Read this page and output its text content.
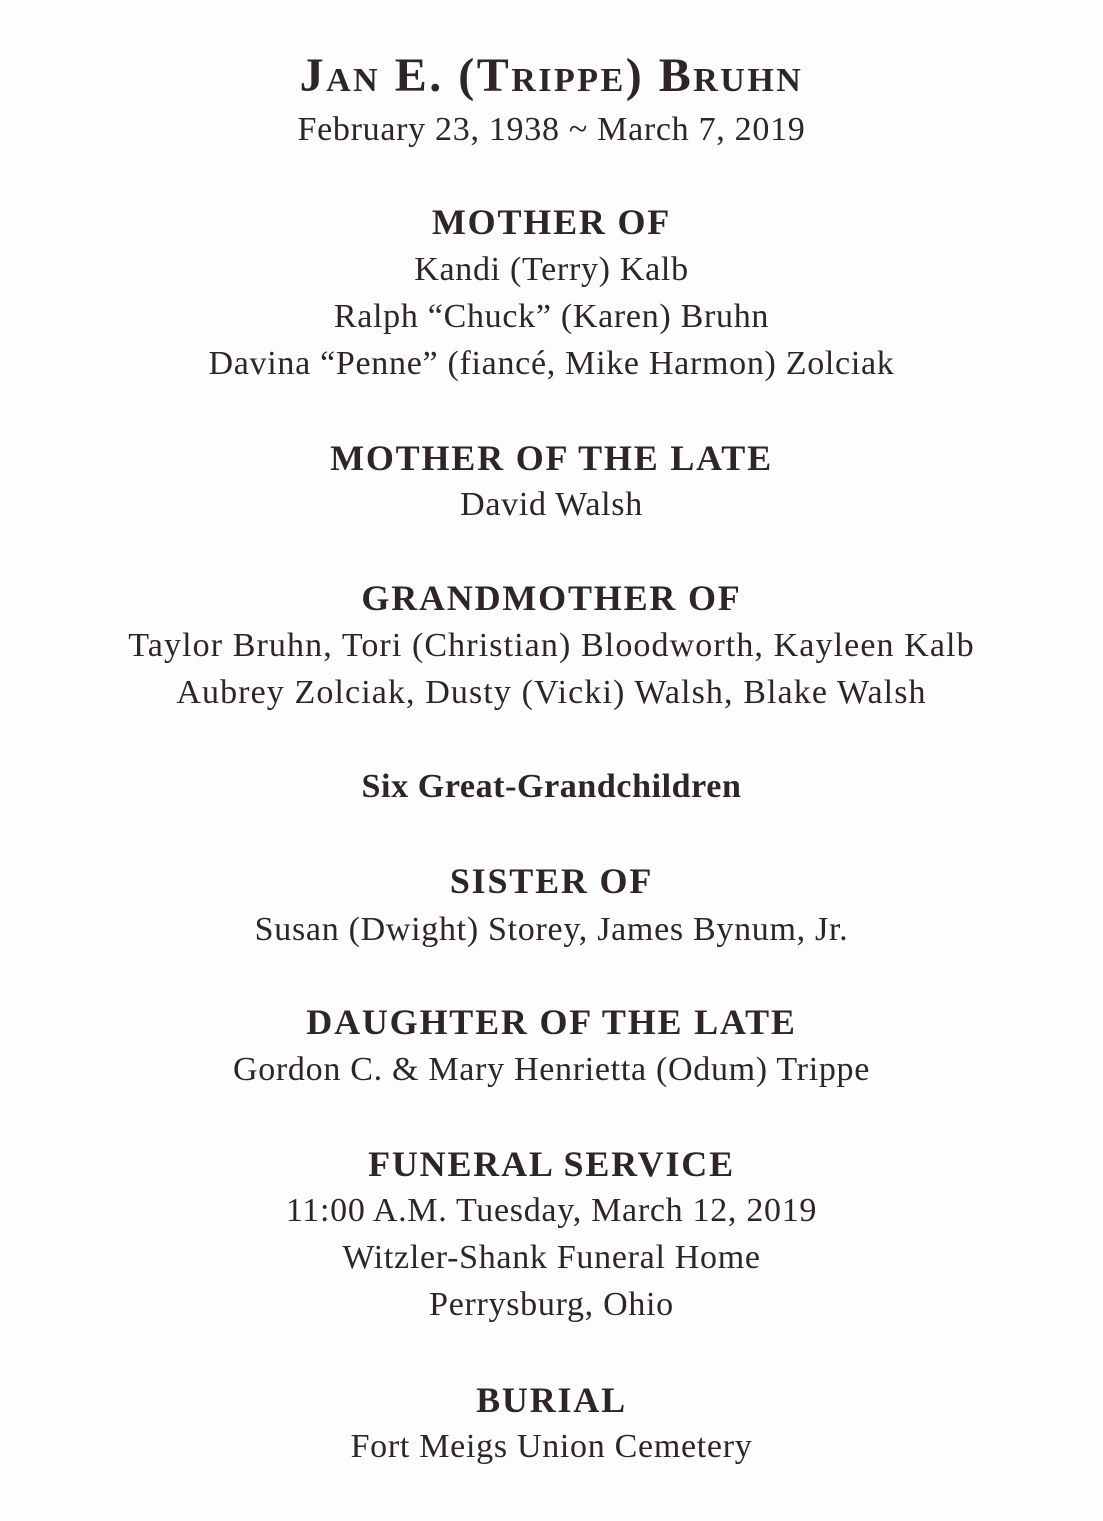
Jan E. (Trippe) Bruhn
February 23, 1938 ~ March 7, 2019
MOTHER OF
Kandi (Terry) Kalb
Ralph “Chuck” (Karen) Bruhn
Davina “Penne” (fiancé, Mike Harmon) Zolciak
MOTHER OF THE LATE
David Walsh
GRANDMOTHER OF
Taylor Bruhn, Tori (Christian) Bloodworth, Kayleen Kalb
Aubrey Zolciak, Dusty (Vicki) Walsh, Blake Walsh
Six Great-Grandchildren
SISTER OF
Susan (Dwight) Storey, James Bynum, Jr.
DAUGHTER OF THE LATE
Gordon C. & Mary Henrietta (Odum) Trippe
FUNERAL SERVICE
11:00 A.M. Tuesday, March 12, 2019
Witzler-Shank Funeral Home
Perrysburg, Ohio
BURIAL
Fort Meigs Union Cemetery
